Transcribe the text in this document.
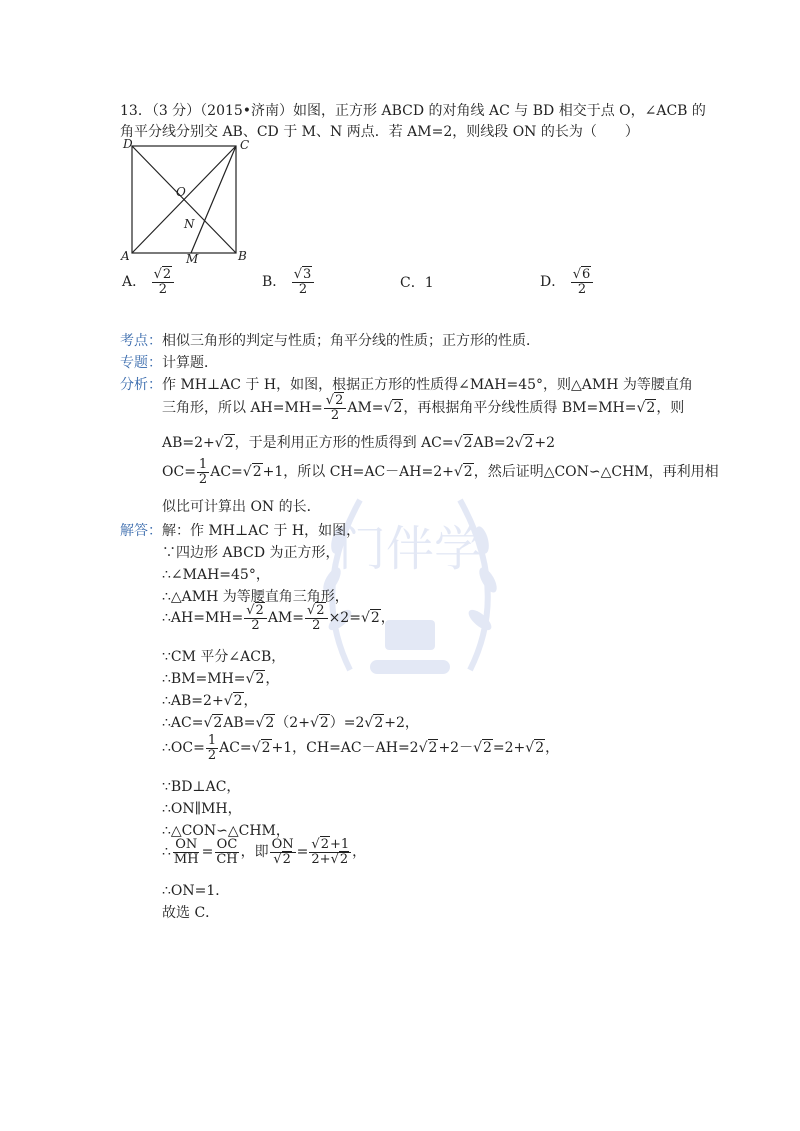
门伴学
13．（3 分）（2015•济南）如图，正方形 ABCD 的对角线 AC 与 BD 相交于点 O，∠ACB 的
角平分线分别交 AB、CD 于 M、N 两点．若 AM=2，则线段 ON 的长为（　　）
D	C
O
N
A	M	B
A． $\frac{√2}{2}$	B． $\frac{√3}{2}$	C．1	D． $\frac{√6}{2}$
考点：相似三角形的判定与性质；角平分线的性质；正方形的性质．
专题：计算题．
分析：作 MH⊥AC 于 H，如图，根据正方形的性质得∠MAH=45°，则△AMH 为等腰直角
三角形，所以 $AH=MH= \frac{√2}{2} AM=√2$，再根据角平分线性质得 BM=MH=√2，则
AB=2+√2，于是利用正方形的性质得到 AC=√2AB=2√2+2
$OC= \frac{1}{2} AC=√2+1$，所以 CH=AC－AH=2+√2，然后证明△CON∽△CHM，再利用相
似比可计算出 ON 的长．
解答：解：作 MH⊥AC 于 H，如图，
∵四边形 ABCD 为正方形，
∴∠MAH=45°，
∴△AMH 为等腰直角三角形，
∴AH=MH= $\frac{√2}{2} AM= \frac{√2}{2} \times 2=√2$，
∵CM 平分∠ACB，
∴BM=MH=√2，
∴AB=2+√2，
∴AC=√2AB=√2（2+√2）=2√2+2，
∴OC= $\frac{1}{2} AC=√2+1$，CH=AC－AH=2√2+2－√2=2+√2，
∵BD⊥AC，
∴ON∥MH，
∴△CON∽△CHM，
∴ $\frac{ON}{MH} = \frac{OC}{CH}$ ，即 $\frac{ON}{√2} = \frac{√2+1}{2+√2}$ ，
∴ON=1．
故选 C．
